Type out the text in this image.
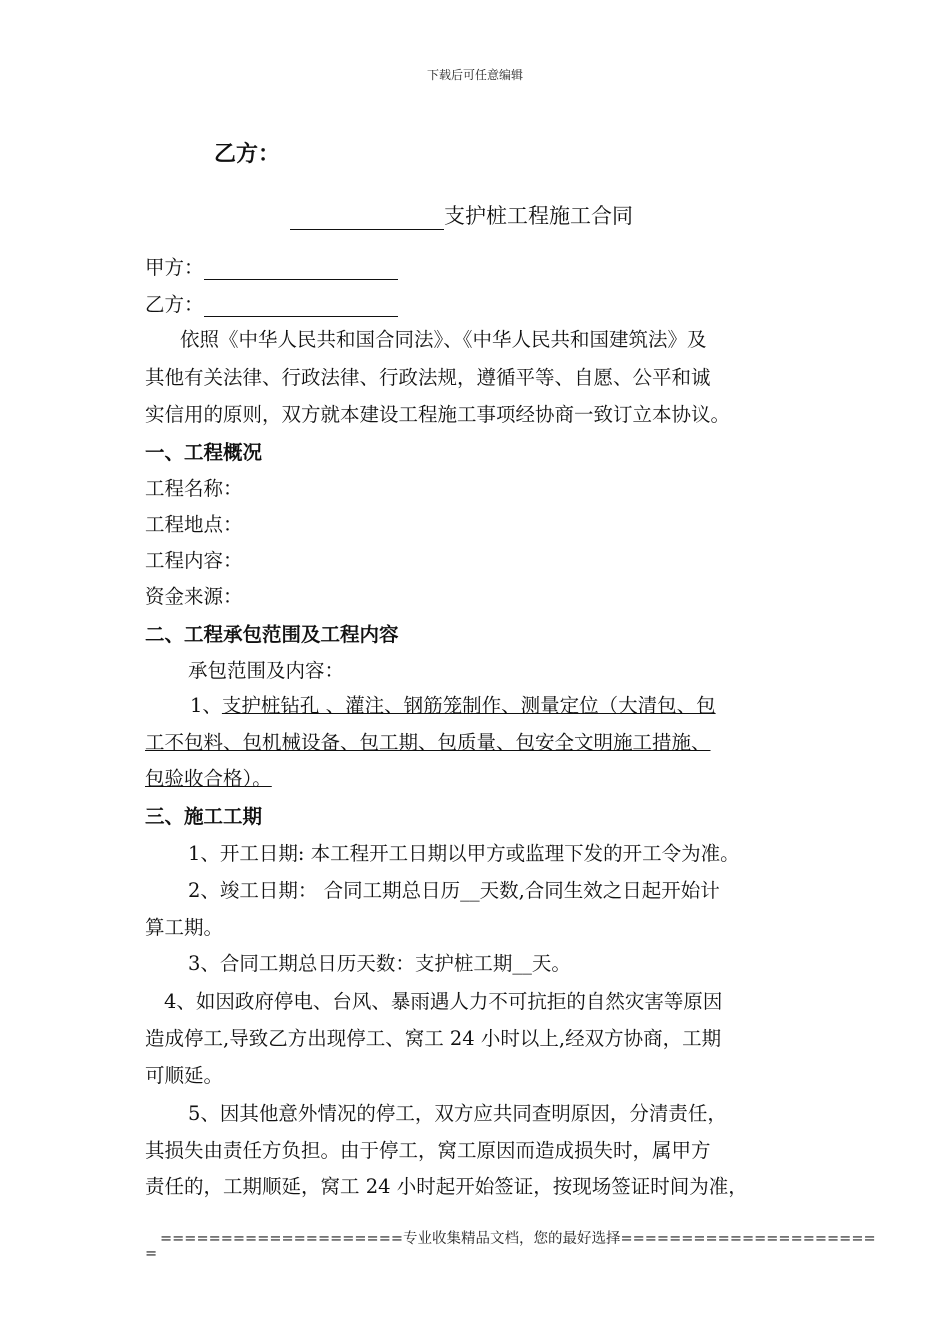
下载后可任意编辑
乙方：
支护桩工程施工合同
甲方：
乙方：
依照《中华人民共和国合同法》、《中华人民共和国建筑法》及
其他有关法律、行政法律、行政法规，遵循平等、自愿、公平和诚
实信用的原则，双方就本建设工程施工事项经协商一致订立本协议。
一、工程概况
工程名称：
工程地点：
工程内容：
资金来源：
二、工程承包范围及工程内容
承包范围及内容：
1、支护桩钻孔 、灌注、钢筋笼制作、测量定位（大清包、包
工不包料、包机械设备、包工期、包质量、包安全文明施工措施、
包验收合格）。
三、施工工期
1、开工日期: 本工程开工日期以甲方或监理下发的开工令为准。
2、竣工日期： 合同工期总日历__天数,合同生效之日起开始计
算工期。
3、合同工期总日历天数：支护桩工期__天。
4、如因政府停电、台风、暴雨遇人力不可抗拒的自然灾害等原因
造成停工,导致乙方出现停工、窝工 24 小时以上,经双方协商，工期
可顺延。
5、因其他意外情况的停工，双方应共同查明原因，分清责任，
其损失由责任方负担。由于停工，窝工原因而造成损失时，属甲方
责任的，工期顺延，窝工 24 小时起开始签证，按现场签证时间为准，
====================专业收集精品文档，您的最好选择=====================
=
